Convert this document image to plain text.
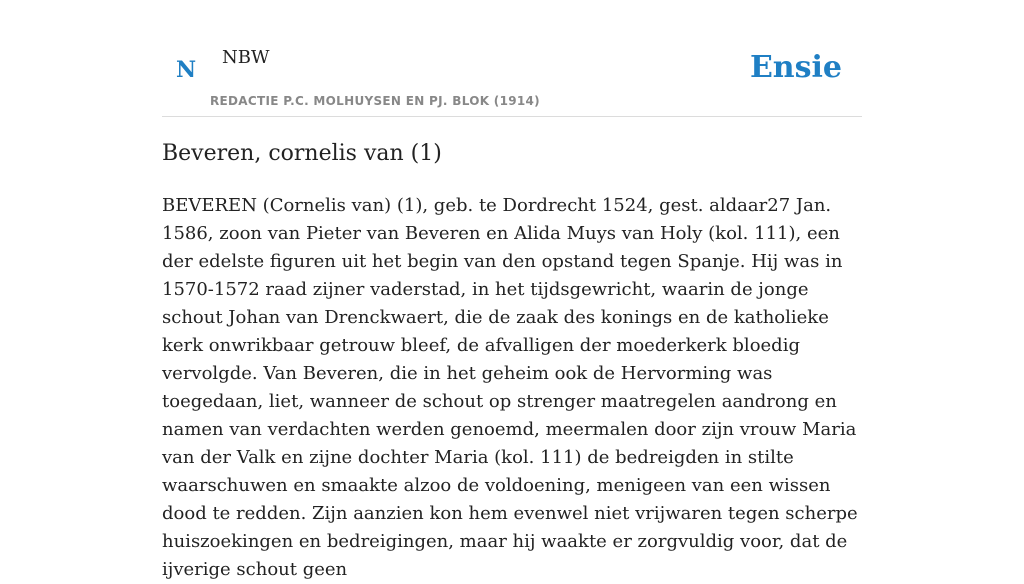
N NBW
REDACTIE P.C. MOLHUYSEN EN PJ. BLOK (1914)
Ensie
Beveren, cornelis van (1)

BEVEREN (Cornelis van) (1), geb. te Dordrecht 1524, gest. aldaar27 Jan. 1586, zoon van Pieter van Beveren en Alida Muys van Holy (kol. 111), een der edelste figuren uit het begin van den opstand tegen Spanje. Hij was in 1570-1572 raad zijner vaderstad, in het tijdsgewricht, waarin de jonge schout Johan van Drenckwaert, die de zaak des konings en de katholieke kerk onwrikbaar getrouw bleef, de afvalligen der moederkerk bloedig vervolgde. Van Beveren, die in het geheim ook de Hervorming was toegedaan, liet, wanneer de schout op strenger maatregelen aandrong en namen van verdachten werden genoemd, meermalen door zijn vrouw Maria van der Valk en zijne dochter Maria (kol. 111) de bedreigden in stilte waarschuwen en smaakte alzoo de voldoening, menigeen van een wissen dood te redden. Zijn aanzien kon hem evenwel niet vrijwaren tegen scherpe huiszoekingen en bedreigingen, maar hij waakte er zorgvuldig voor, dat de ijverige schout geen
